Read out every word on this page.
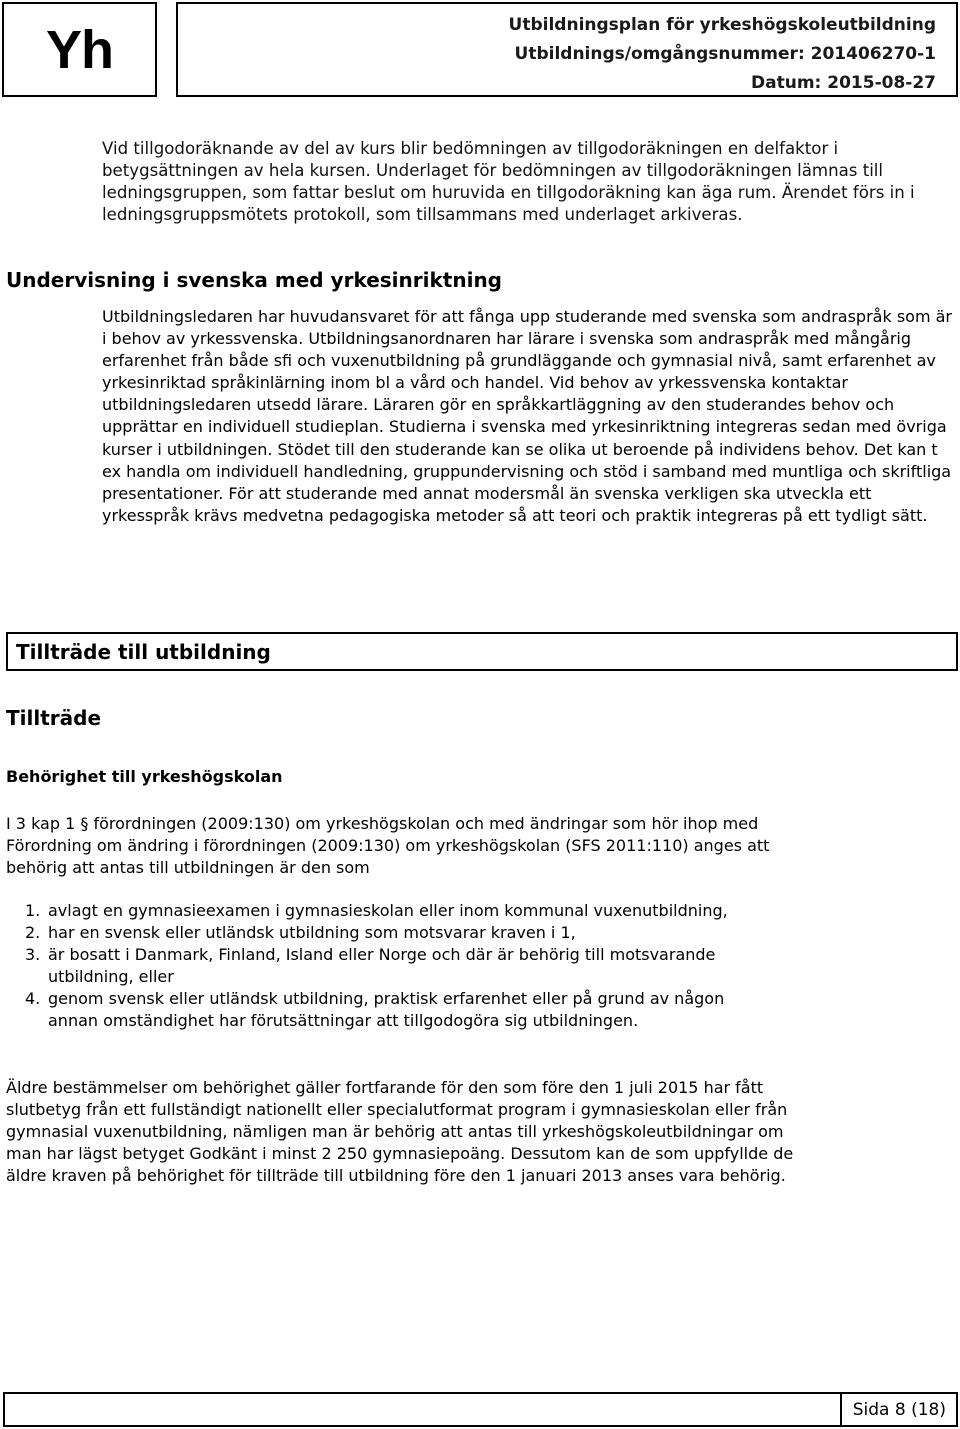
Yh	Utbildningsplan för yrkeshögskoleutbildning
Utbildnings/omgångsnummer: 201406270-1
Datum: 2015-08-27
Vid tillgodoräknande av del av kurs blir bedömningen av tillgodoräkningen en delfaktor i betygsättningen av hela kursen. Underlaget för bedömningen av tillgodoräkningen lämnas till ledningsgruppen, som fattar beslut om huruvida en tillgodoräkning kan äga rum. Ärendet förs in i ledningsgruppsmötets protokoll, som tillsammans med underlaget arkiveras.
Undervisning i svenska med yrkesinriktning
Utbildningsledaren har huvudansvaret för att fånga upp studerande med svenska som andraspråk som är i behov av yrkessvenska. Utbildningsanordnaren har lärare i svenska som andraspråk med mångårig erfarenhet från både sfi och vuxenutbildning på grundläggande och gymnasial nivå, samt erfarenhet av yrkesinriktad språkinlärning inom bl a vård och handel. Vid behov av yrkessvenska kontaktar utbildningsledaren utsedd lärare. Läraren gör en språkkartläggning av den studerandes behov och upprättar en individuell studieplan. Studierna i svenska med yrkesinriktning integreras sedan med övriga kurser i utbildningen. Stödet till den studerande kan se olika ut beroende på individens behov. Det kan t ex handla om individuell handledning, gruppundervisning och stöd i samband med muntliga och skriftliga presentationer. För att studerande med annat modersmål än svenska verkligen ska utveckla ett yrkesspråk krävs medvetna pedagogiska metoder så att teori och praktik integreras på ett tydligt sätt.
Tillträde till utbildning
Tillträde
Behörighet till yrkeshögskolan
I 3 kap 1 § förordningen (2009:130) om yrkeshögskolan och med ändringar som hör ihop med Förordning om ändring i förordningen (2009:130) om yrkeshögskolan (SFS 2011:110) anges att behörig att antas till utbildningen är den som
1. avlagt en gymnasieexamen i gymnasieskolan eller inom kommunal vuxenutbildning,
2. har en svensk eller utländsk utbildning som motsvarar kraven i 1,
3. är bosatt i Danmark, Finland, Island eller Norge och där är behörig till motsvarande utbildning, eller
4. genom svensk eller utländsk utbildning, praktisk erfarenhet eller på grund av någon annan omständighet har förutsättningar att tillgodogöra sig utbildningen.
Äldre bestämmelser om behörighet gäller fortfarande för den som före den 1 juli 2015 har fått slutbetyg från ett fullständigt nationellt eller specialutformat program i gymnasieskolan eller från gymnasial vuxenutbildning, nämligen man är behörig att antas till yrkeshögskoleutbildningar om man har lägst betyget Godkänt i minst 2 250 gymnasiepoäng. Dessutom kan de som uppfyllde de äldre kraven på behörighet för tillträde till utbildning före den 1 januari 2013 anses vara behörig.
Sida 8 (18)
